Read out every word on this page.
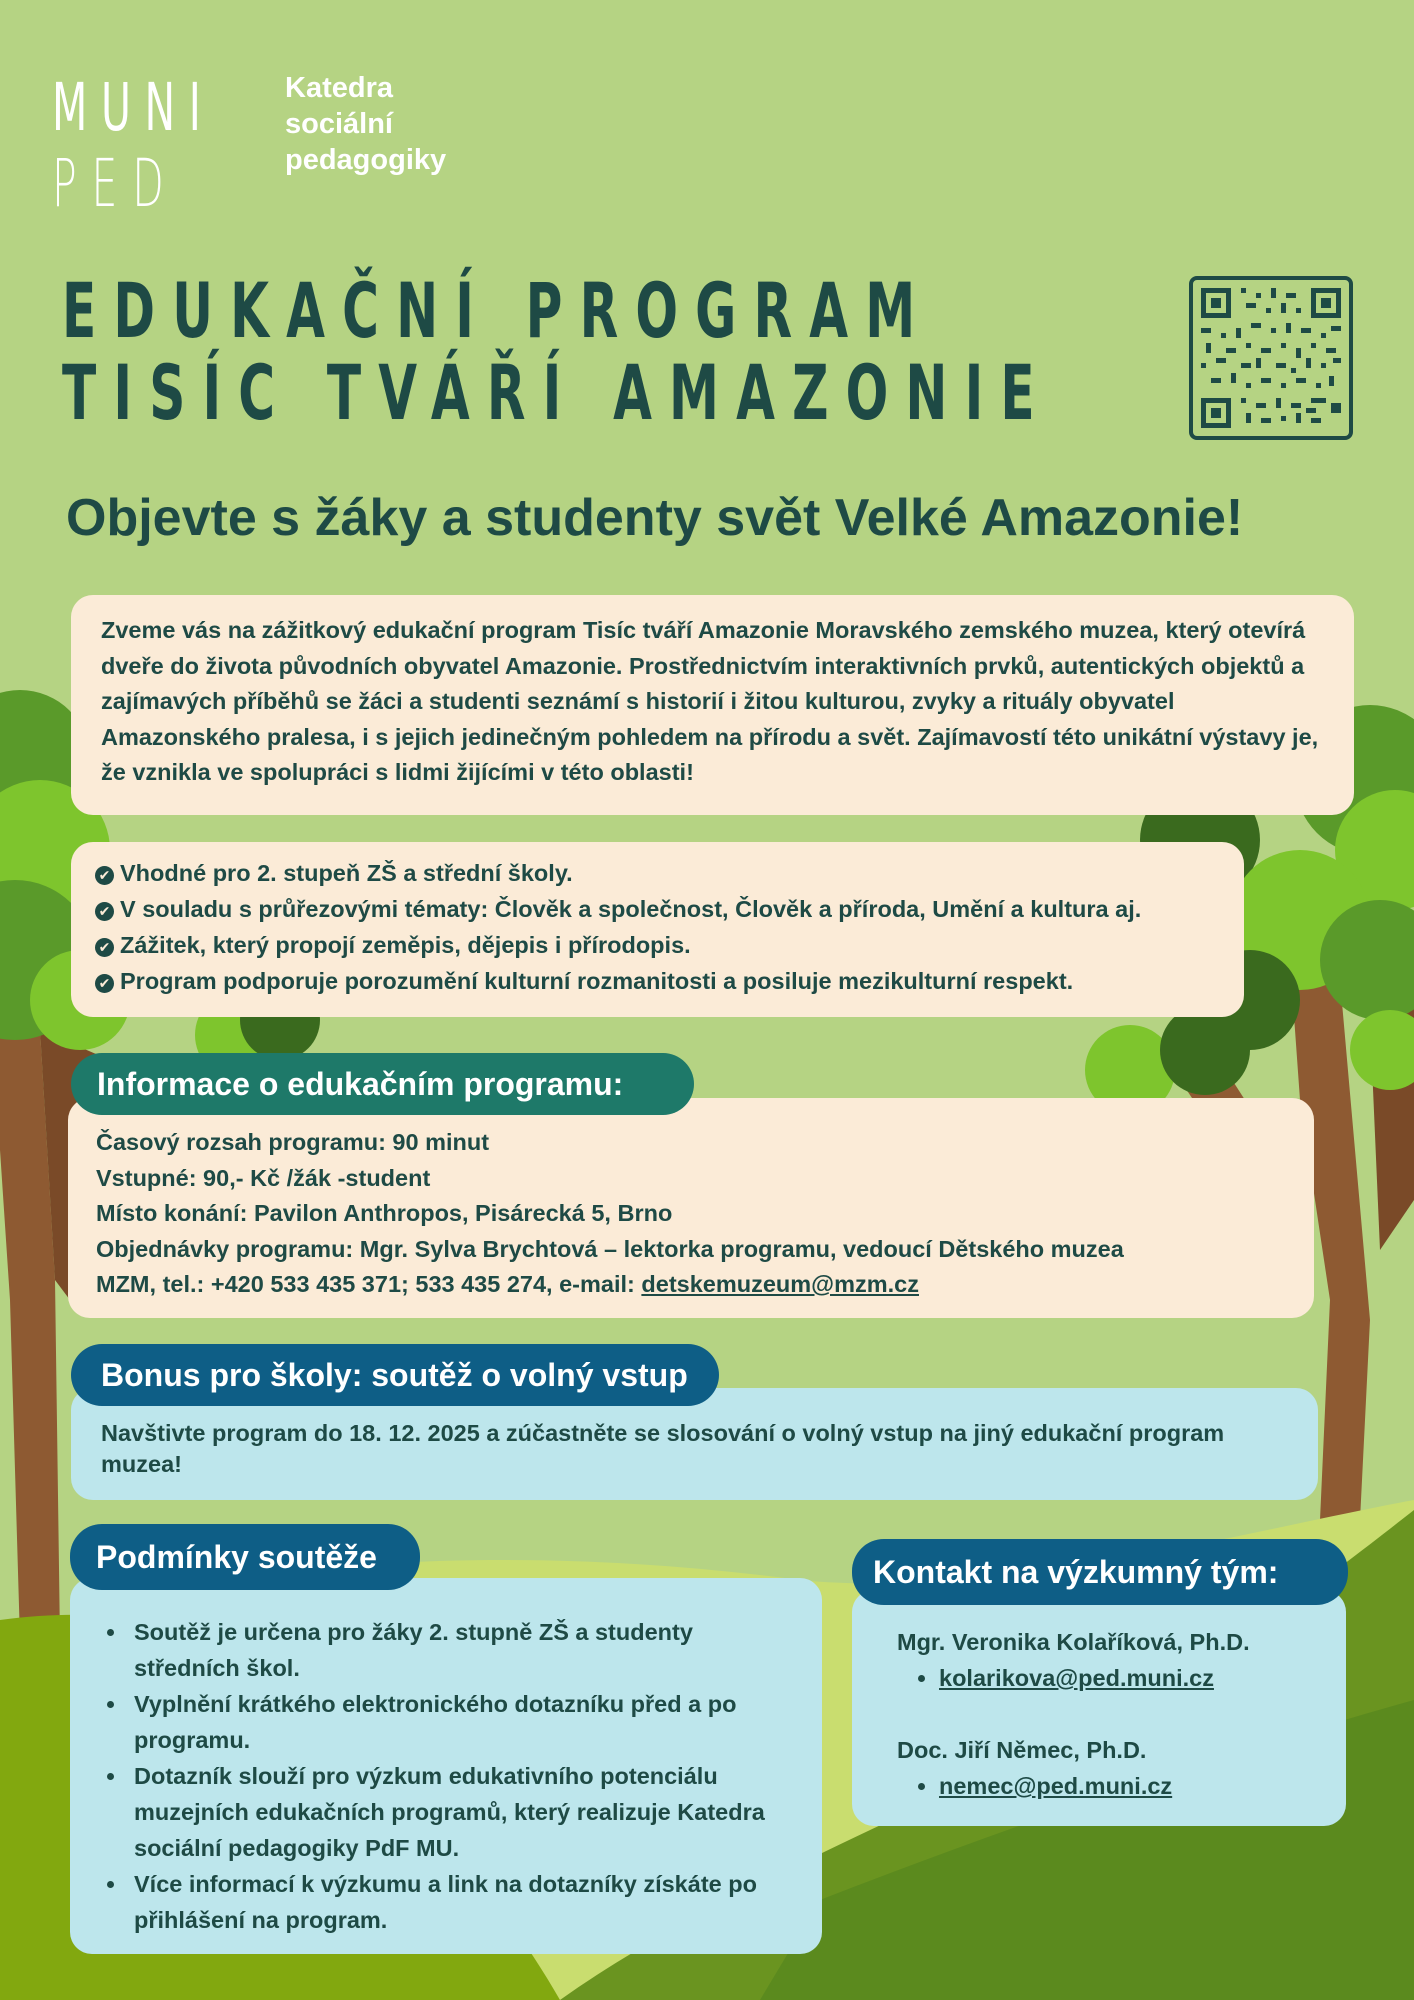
MUNI
PED
Katedra
sociální
pedagogiky
EDUKAČNÍ PROGRAM
TISÍC TVÁŘÍ AMAZONIE
Objevte s žáky a studenty svět Velké Amazonie!
Zveme vás na zážitkový edukační program Tisíc tváří Amazonie Moravského zemského muzea, který otevírá dveře do života původních obyvatel Amazonie. Prostřednictvím interaktivních prvků, autentických objektů a zajímavých příběhů se žáci a studenti seznámí s historií i žitou kulturou, zvyky a rituály obyvatel Amazonského pralesa, i s jejich jedinečným pohledem na přírodu a svět. Zajímavostí této unikátní výstavy je, že vznikla ve spolupráci s lidmi žijícími v této oblasti!
✔ Vhodné pro 2. stupeň ZŠ a střední školy.
✔ V souladu s průřezovými tématy: Člověk a společnost, Člověk a příroda, Umění a kultura aj.
✔ Zážitek, který propojí zeměpis, dějepis i přírodopis.
✔ Program podporuje porozumění kulturní rozmanitosti a posiluje mezikulturní respekt.
Časový rozsah programu: 90 minut
Vstupné: 90,- Kč /žák -student
Místo konání: Pavilon Anthropos, Pisárecká 5, Brno
Objednávky programu: Mgr. Sylva Brychtová – lektorka programu, vedoucí Dětského muzea
MZM, tel.: +420 533 435 371; 533 435 274, e-mail: detskemuzeum@mzm.cz
Informace o edukačním programu:
Navštivte program do 18. 12. 2025 a zúčastněte se slosování o volný vstup na jiný edukační program muzea!
Bonus pro školy: soutěž o volný vstup
• Soutěž je určena pro žáky 2. stupně ZŠ a studenty středních škol.
• Vyplnění krátkého elektronického dotazníku před a po programu.
• Dotazník slouží pro výzkum edukativního potenciálu muzejních edukačních programů, který realizuje Katedra sociální pedagogiky PdF MU.
• Více informací k výzkumu a link na dotazníky získáte po přihlášení na program.
Podmínky soutěže
Mgr. Veronika Kolaříková, Ph.D.
• kolarikova@ped.muni.cz
Doc. Jiří Němec, Ph.D.
• nemec@ped.muni.cz
Kontakt na výzkumný tým:
